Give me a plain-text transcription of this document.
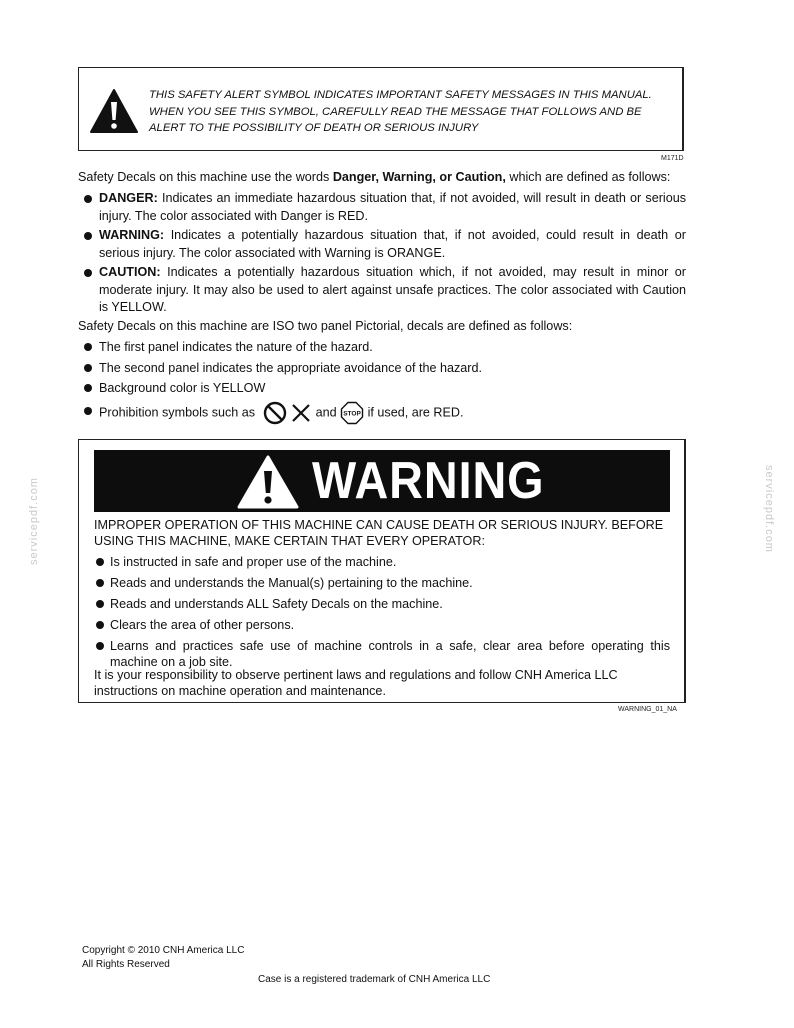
THIS SAFETY ALERT SYMBOL INDICATES IMPORTANT SAFETY MESSAGES IN THIS MANUAL.
WHEN YOU SEE THIS SYMBOL, CAREFULLY READ THE MESSAGE THAT FOLLOWS AND BE
ALERT TO THE POSSIBILITY OF DEATH OR SERIOUS INJURY
M171D
Safety Decals on this machine use the words Danger, Warning, or Caution, which are defined as follows:
DANGER: Indicates an immediate hazardous situation that, if not avoided, will result in death or serious injury. The color associated with Danger is RED.
WARNING: Indicates a potentially hazardous situation that, if not avoided, could result in death or serious injury. The color associated with Warning is ORANGE.
CAUTION: Indicates a potentially hazardous situation which, if not avoided, may result in minor or moderate injury. It may also be used to alert against unsafe practices. The color associated with Caution is YELLOW.
Safety Decals on this machine are ISO two panel Pictorial, decals are defined as follows:
The first panel indicates the nature of the hazard.
The second panel indicates the appropriate avoidance of the hazard.
Background color is YELLOW
Prohibition symbols such as	and STOP if used, are RED.
WARNING
IMPROPER OPERATION OF THIS MACHINE CAN CAUSE DEATH OR SERIOUS INJURY. BEFORE
USING THIS MACHINE, MAKE CERTAIN THAT EVERY OPERATOR:
Is instructed in safe and proper use of the machine.
Reads and understands the Manual(s) pertaining to the machine.
Reads and understands ALL Safety Decals on the machine.
Clears the area of other persons.
Learns and practices safe use of machine controls in a safe, clear area before operating this machine on a job site.
It is your responsibility to observe pertinent laws and regulations and follow CNH America LLC
instructions on machine operation and maintenance.
WARNING_01_NA
servicepdf.com	servicepdf.com
Copyright © 2010 CNH America LLC
All Rights Reserved
Case is a registered trademark of CNH America LLC
